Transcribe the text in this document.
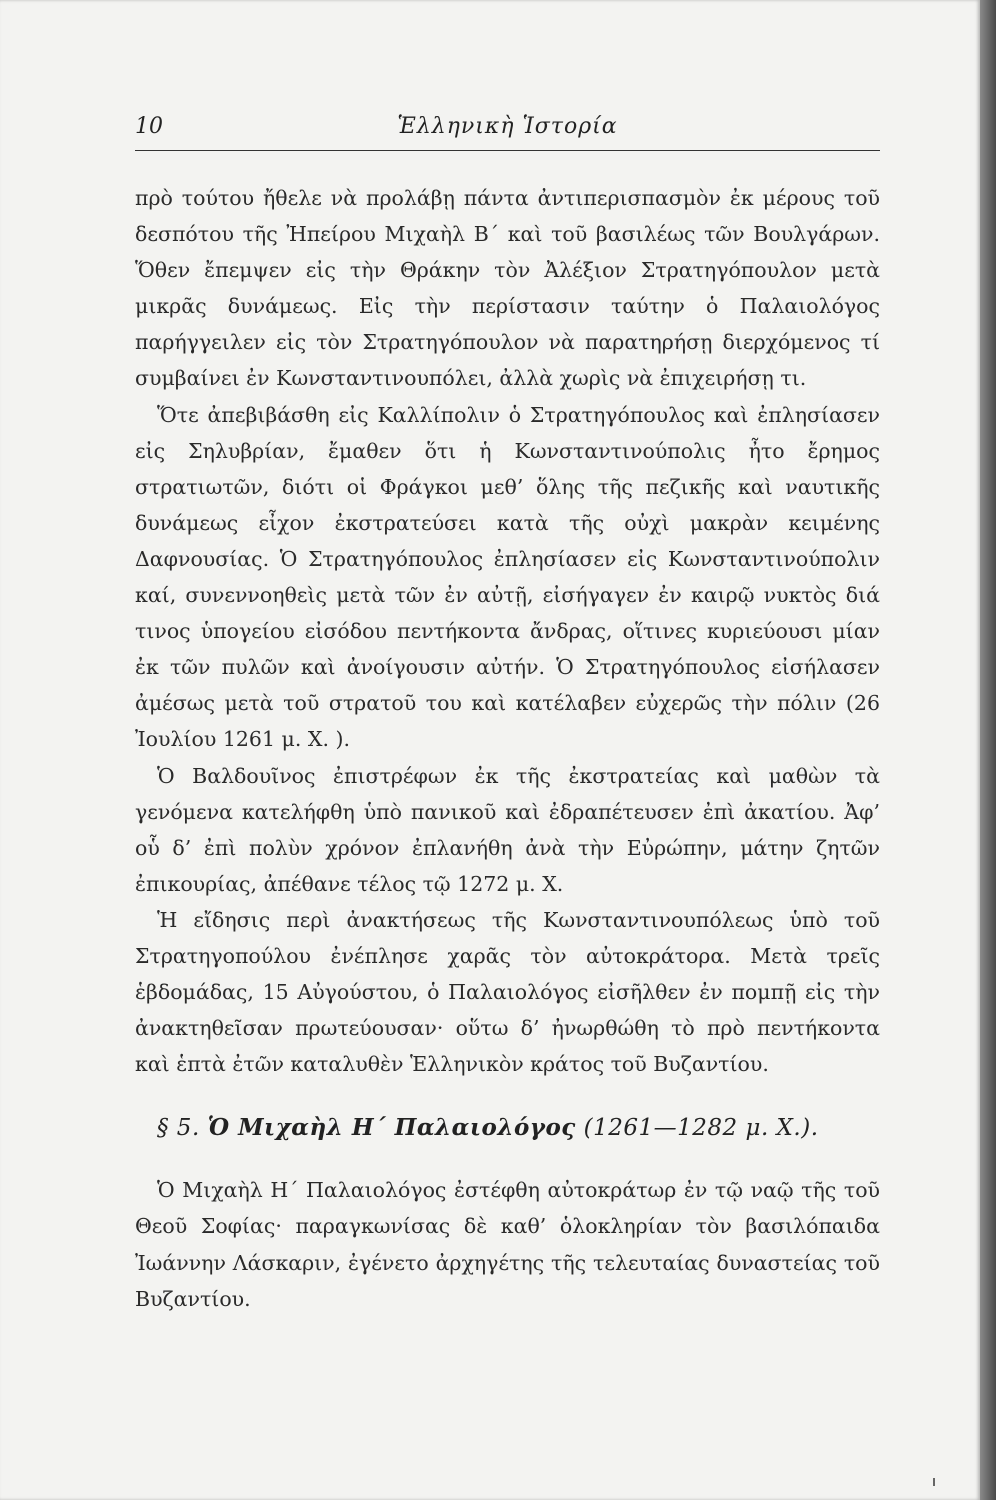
10	Ἑλληνικὴ Ἱστορία

πρὸ τούτου ἤθελε νὰ προλάβῃ πάντα ἀντιπερισπασμὸν ἐκ μέρους τοῦ δεσπότου τῆς Ἠπείρου Μιχαὴλ Β΄ καὶ τοῦ βασιλέως τῶν Βουλγάρων. Ὅθεν ἔπεμψεν εἰς τὴν Θράκην τὸν Ἀλέξιον Στρατηγόπουλον μετὰ μικρᾶς δυνάμεως. Εἰς τὴν περίστασιν ταύτην ὁ Παλαιολόγος παρήγγειλεν εἰς τὸν Στρατηγόπουλον νὰ παρατηρήσῃ διερχόμενος τί συμβαίνει ἐν Κωνσταντινουπόλει, ἀλλὰ χωρὶς νὰ ἐπιχειρήσῃ τι.

Ὅτε ἀπεβιβάσθη εἰς Καλλίπολιν ὁ Στρατηγόπουλος καὶ ἐπλησίασεν εἰς Σηλυβρίαν, ἔμαθεν ὅτι ἡ Κωνσταντινούπολις ἦτο ἔρημος στρατιωτῶν, διότι οἱ Φράγκοι μεθ’ ὅλης τῆς πεζικῆς καὶ ναυτικῆς δυνάμεως εἶχον ἐκστρατεύσει κατὰ τῆς οὐχὶ μακρὰν κειμένης Δαφνουσίας. Ὁ Στρατηγόπουλος ἐπλησίασεν εἰς Κωνσταντινούπολιν καί, συνεννοηθεὶς μετὰ τῶν ἐν αὐτῇ, εἰσήγαγεν ἐν καιρῷ νυκτὸς διά τινος ὑπογείου εἰσόδου πεντήκοντα ἄνδρας, οἵτινες κυριεύουσι μίαν ἐκ τῶν πυλῶν καὶ ἀνοίγουσιν αὐτήν. Ὁ Στρατηγόπουλος εἰσήλασεν ἀμέσως μετὰ τοῦ στρατοῦ του καὶ κατέλαβεν εὐχερῶς τὴν πόλιν (26 Ἰουλίου 1261 μ. Χ. ).

Ὁ Βαλδουῖνος ἐπιστρέφων ἐκ τῆς ἐκστρατείας καὶ μαθὼν τὰ γενόμενα κατελήφθη ὑπὸ πανικοῦ καὶ ἐδραπέτευσεν ἐπὶ ἀκατίου. Ἀφ’ οὗ δ’ ἐπὶ πολὺν χρόνον ἐπλανήθη ἀνὰ τὴν Εὐρώπην, μάτην ζητῶν ἐπικουρίας, ἀπέθανε τέλος τῷ 1272 μ. Χ.

Ἡ εἴδησις περὶ ἀνακτήσεως τῆς Κωνσταντινουπόλεως ὑπὸ τοῦ Στρατηγοπούλου ἐνέπλησε χαρᾶς τὸν αὐτοκράτορα. Μετὰ τρεῖς ἑβδομάδας, 15 Αὐγούστου, ὁ Παλαιολόγος εἰσῆλθεν ἐν πομπῇ εἰς τὴν ἀνακτηθεῖσαν πρωτεύουσαν· οὕτω δ’ ἠνωρθώθη τὸ πρὸ πεντήκοντα καὶ ἑπτὰ ἐτῶν καταλυθὲν Ἑλληνικὸν κράτος τοῦ Βυζαντίου.

§ 5. Ὁ Μιχαὴλ Η΄ Παλαιολόγος (1261—1282 μ. Χ.).

Ὁ Μιχαὴλ Η΄ Παλαιολόγος ἐστέφθη αὐτοκράτωρ ἐν τῷ ναῷ τῆς τοῦ Θεοῦ Σοφίας· παραγκωνίσας δὲ καθ’ ὁλοκληρίαν τὸν βασιλόπαιδα Ἰωάννην Λάσκαριν, ἐγένετο ἀρχηγέτης τῆς τελευταίας δυναστείας τοῦ Βυζαντίου.
